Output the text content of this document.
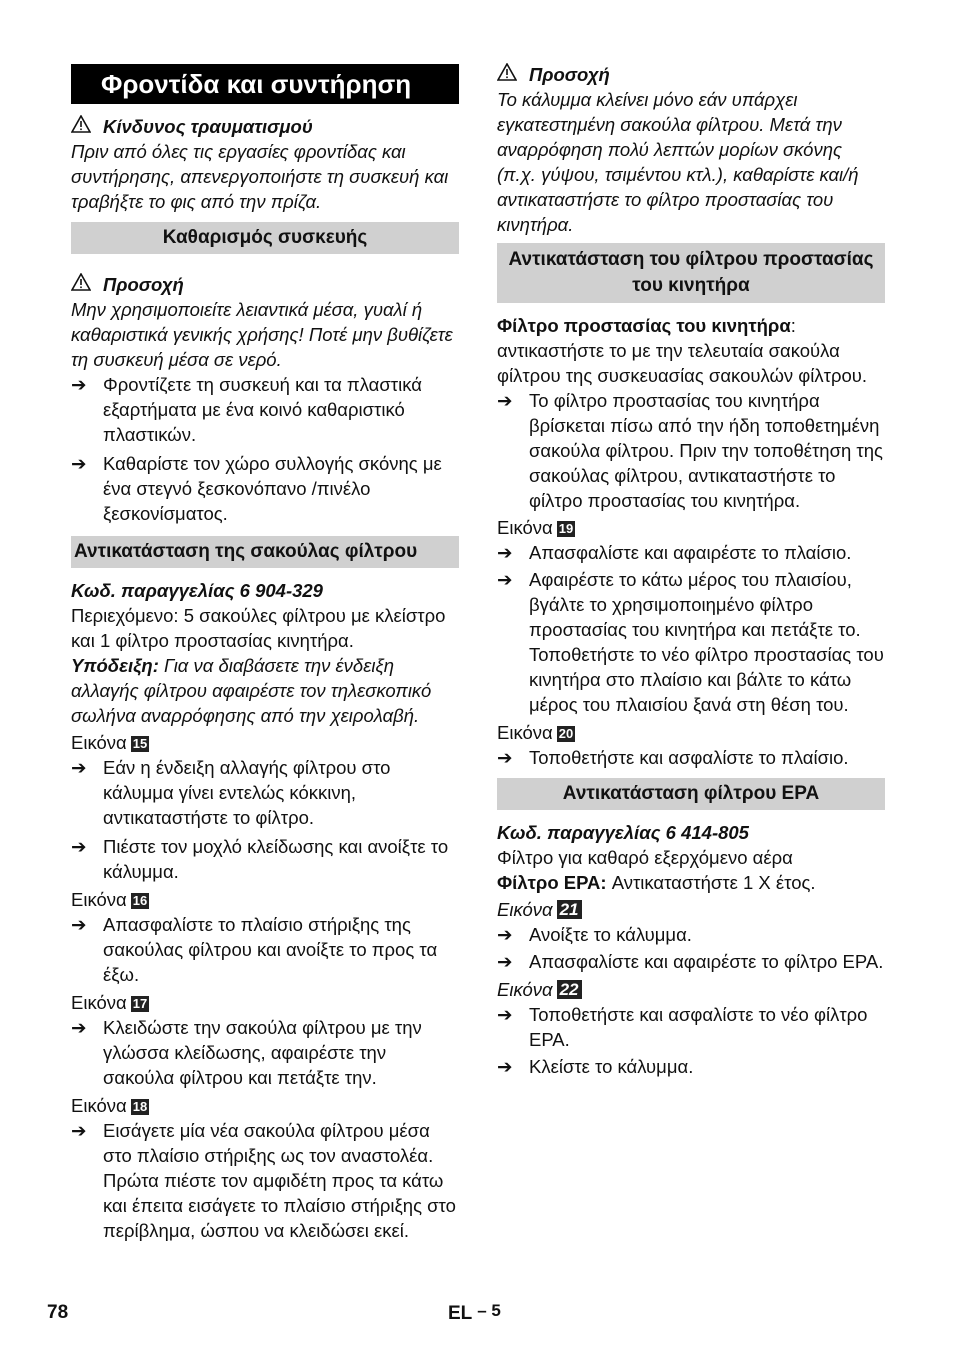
Φροντίδα και συντήρηση
Κίνδυνος τραυματισμού

Πριν από όλες τις εργασίες φροντίδας και συντήρησης, απενεργοποιήστε τη συσκευή και τραβήξτε το φις από την πρίζα.

Καθαρισμός συσκευής
Προσοχή

Μην χρησιμοποιείτε λειαντικά μέσα, γυαλί ή καθαριστικά γενικής χρήσης! Ποτέ μην βυθίζετε τη συσκευή μέσα σε νερό.

➔ Φροντίζετε τη συσκευή και τα πλαστικά εξαρτήματα με ένα κοινό καθαριστικό πλαστικών.
➔ Καθαρίστε τον χώρο συλλογής σκόνης με ένα στεγνό ξεσκονόπανο /πινέλο ξεσκονίσματος.
Αντικατάσταση της σακούλας φίλτρου

Κωδ. παραγγελίας 6 904-329

Περιεχόμενο: 5 σακούλες φίλτρου με κλείστρο και 1 φίλτρο προστασίας κινητήρα.

Υπόδειξη: Για να διαβάσετε την ένδειξη αλλαγής φίλτρου αφαιρέστε τον τηλεσκοπικό σωλήνα αναρρόφησης από την χειρολαβή.

Εικόνα 15

➔ Εάν η ένδειξη αλλαγής φίλτρου στο κάλυμμα γίνει εντελώς κόκκινη, αντικαταστήστε το φίλτρο.
➔ Πιέστε τον μοχλό κλείδωσης και ανοίξτε το κάλυμμα.

Εικόνα 16

➔ Απασφαλίστε το πλαίσιο στήριξης της σακούλας φίλτρου και ανοίξτε το προς τα έξω.

Εικόνα 17

➔ Κλειδώστε την σακούλα φίλτρου με την γλώσσα κλείδωσης, αφαιρέστε την σακούλα φίλτρου και πετάξτε την.

Εικόνα 18

➔ Εισάγετε μία νέα σακούλα φίλτρου μέσα στο πλαίσιο στήριξης ως τον αναστολέα. Πρώτα πιέστε τον αμφιδέτη προς τα κάτω και έπειτα εισάγετε το πλαίσιο στήριξης στο περίβλημα, ώσπου να κλειδώσει εκεί.
Προσοχή

Το κάλυμμα κλείνει μόνο εάν υπάρχει εγκατεστημένη σακούλα φίλτρου. Μετά την αναρρόφηση πολύ λεπτών μορίων σκόνης (π.χ. γύψου, τσιμέντου κτλ.), καθαρίστε και/ή αντικαταστήστε το φίλτρο προστασίας του κινητήρα.

Αντικατάσταση του φίλτρου προστασίας του κινητήρα

Φίλτρο προστασίας του κινητήρα: αντικαστήστε το με την τελευταία σακούλα φίλτρου της συσκευασίας σακουλών φίλτρου.

➔ Το φίλτρο προστασίας του κινητήρα βρίσκεται πίσω από την ήδη τοποθετημένη σακούλα φίλτρου. Πριν την τοποθέτηση της σακούλας φίλτρου, αντικαταστήστε το φίλτρο προστασίας του κινητήρα.

Εικόνα 19

➔ Απασφαλίστε και αφαιρέστε το πλαίσιο.
➔ Αφαιρέστε το κάτω μέρος του πλαισίου, βγάλτε το χρησιμοποιημένο φίλτρο προστασίας του κινητήρα και πετάξτε το. Τοποθετήστε το νέο φίλτρο προστασίας του κινητήρα στο πλαίσιο και βάλτε το κάτω μέρος του πλαισίου ξανά στη θέση του.

Εικόνα 20

➔ Τοποθετήστε και ασφαλίστε το πλαίσιο.
Αντικατάσταση φίλτρου EPA

Κωδ. παραγγελίας 6 414-805

Φίλτρο για καθαρό εξερχόμενο αέρα

Φίλτρο EPA: Αντικαταστήστε 1 Χ έτος.

Εικόνα 21

➔ Ανοίξτε το κάλυμμα.
➔ Απασφαλίστε και αφαιρέστε το φίλτρο EPA.

Εικόνα 22

➔ Τοποθετήστε και ασφαλίστε το νέο φίλτρο EPA.
➔ Κλείστε το κάλυμμα.
78	EL – 5
